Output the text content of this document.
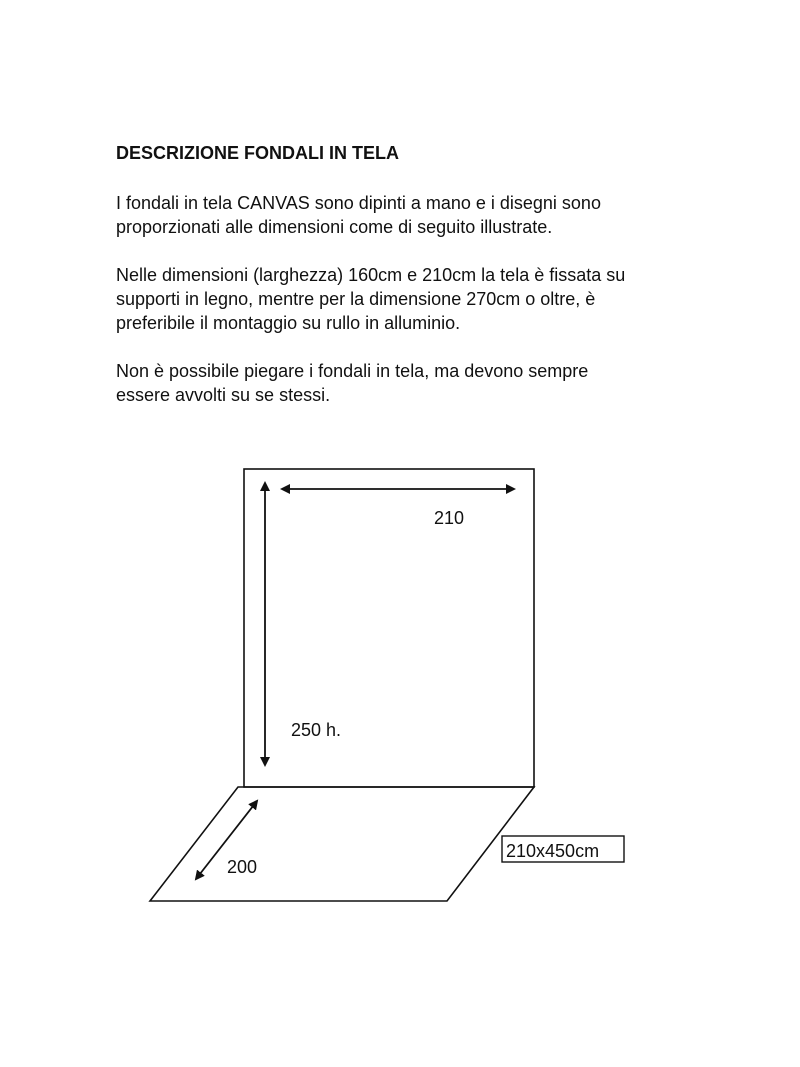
DESCRIZIONE FONDALI IN TELA
I fondali in tela CANVAS sono dipinti a mano e i disegni sono
proporzionati alle dimensioni come di seguito illustrate.
Nelle dimensioni (larghezza) 160cm e 210cm la tela è fissata su
supporti in legno, mentre per la dimensione 270cm o oltre, è
preferibile il montaggio su rullo in alluminio.
Non è possibile piegare i fondali in tela, ma devono sempre
essere avvolti su se stessi.
210
250 h.
200
210x450cm
